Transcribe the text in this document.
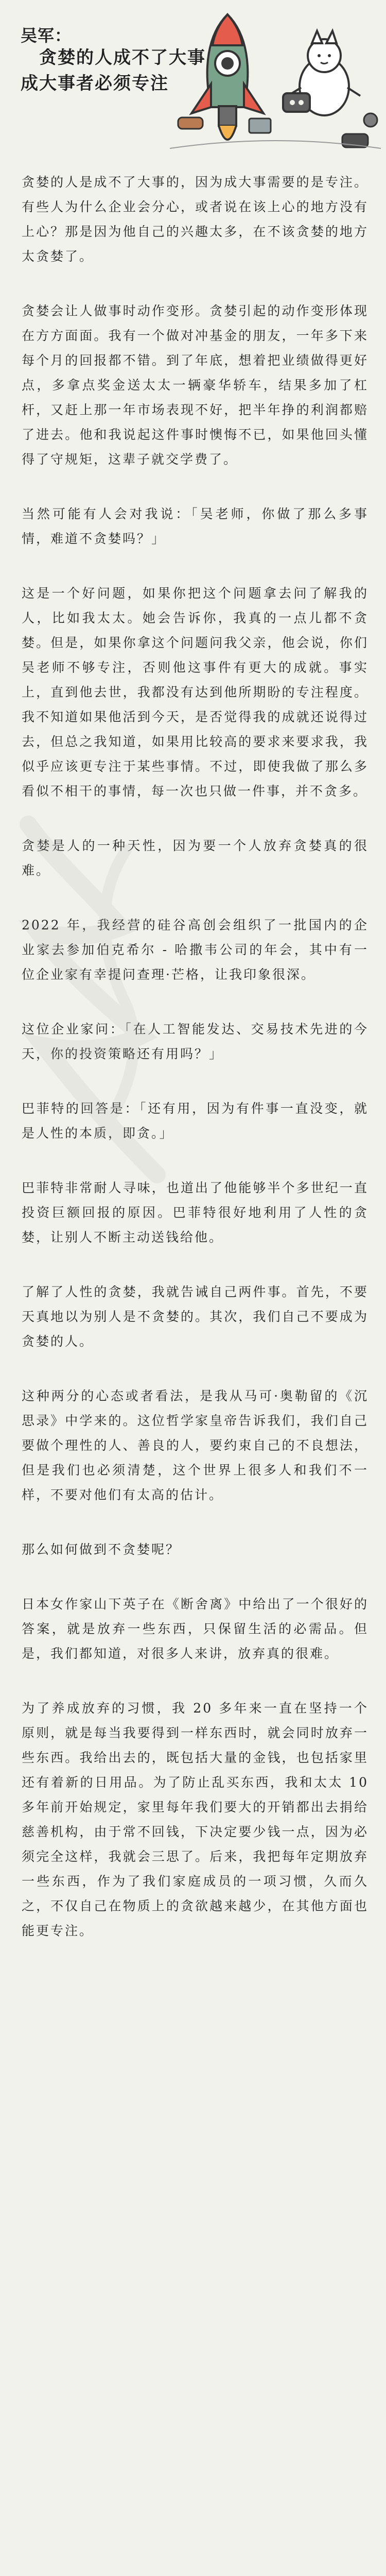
吴军：
贪婪的人成不了大事
成大事者必须专注

贪婪的人是成不了大事的，因为成大事需要的是专注。有些人为什么企业会分心，或者说在该上心的地方没有上心？那是因为他自己的兴趣太多，在不该贪婪的地方太贪婪了。

贪婪会让人做事时动作变形。贪婪引起的动作变形体现在方方面面。我有一个做对冲基金的朋友，一年多下来每个月的回报都不错。到了年底，想着把业绩做得更好点，多拿点奖金送太太一辆豪华轿车，结果多加了杠杆，又赶上那一年市场表现不好，把半年挣的利润都赔了进去。他和我说起这件事时懊悔不已，如果他回头懂得了守规矩，这辈子就交学费了。

当然可能有人会对我说：「吴老师，你做了那么多事情，难道不贪婪吗？」

这是一个好问题，如果你把这个问题拿去问了解我的人，比如我太太。她会告诉你，我真的一点儿都不贪婪。但是，如果你拿这个问题问我父亲，他会说，你们吴老师不够专注，否则他这事件有更大的成就。事实上，直到他去世，我都没有达到他所期盼的专注程度。我不知道如果他活到今天，是否觉得我的成就还说得过去，但总之我知道，如果用比较高的要求来要求我，我似乎应该更专注于某些事情。不过，即使我做了那么多看似不相干的事情，每一次也只做一件事，并不贪多。

贪婪是人的一种天性，因为要一个人放弃贪婪真的很难。

2022 年，我经营的硅谷高创会组织了一批国内的企业家去参加伯克希尔 - 哈撒韦公司的年会，其中有一位企业家有幸提问查理·芒格，让我印象很深。

这位企业家问：「在人工智能发达、交易技术先进的今天，你的投资策略还有用吗？」

巴菲特的回答是：「还有用，因为有件事一直没变，就是人性的本质，即贪。」

巴菲特非常耐人寻味，也道出了他能够半个多世纪一直投资巨额回报的原因。巴菲特很好地利用了人性的贪婪，让别人不断主动送钱给他。

了解了人性的贪婪，我就告诫自己两件事。首先，不要天真地以为别人是不贪婪的。其次，我们自己不要成为贪婪的人。

这种两分的心态或者看法，是我从马可·奥勒留的《沉思录》中学来的。这位哲学家皇帝告诉我们，我们自己要做个理性的人、善良的人，要约束自己的不良想法，但是我们也必须清楚，这个世界上很多人和我们不一样，不要对他们有太高的估计。

那么如何做到不贪婪呢？

日本女作家山下英子在《断舍离》中给出了一个很好的答案，就是放弃一些东西，只保留生活的必需品。但是，我们都知道，对很多人来讲，放弃真的很难。

为了养成放弃的习惯，我 20 多年来一直在坚持一个原则，就是每当我要得到一样东西时，就会同时放弃一些东西。我给出去的，既包括大量的金钱，也包括家里还有着新的日用品。为了防止乱买东西，我和太太 10 多年前开始规定，家里每年我们要大的开销都出去捐给慈善机构，由于常不回钱，下决定要少钱一点，因为必须完全这样，我就会三思了。后来，我把每年定期放弃一些东西，作为了我们家庭成员的一项习惯，久而久之，不仅自己在物质上的贪欲越来越少，在其他方面也能更专注。
